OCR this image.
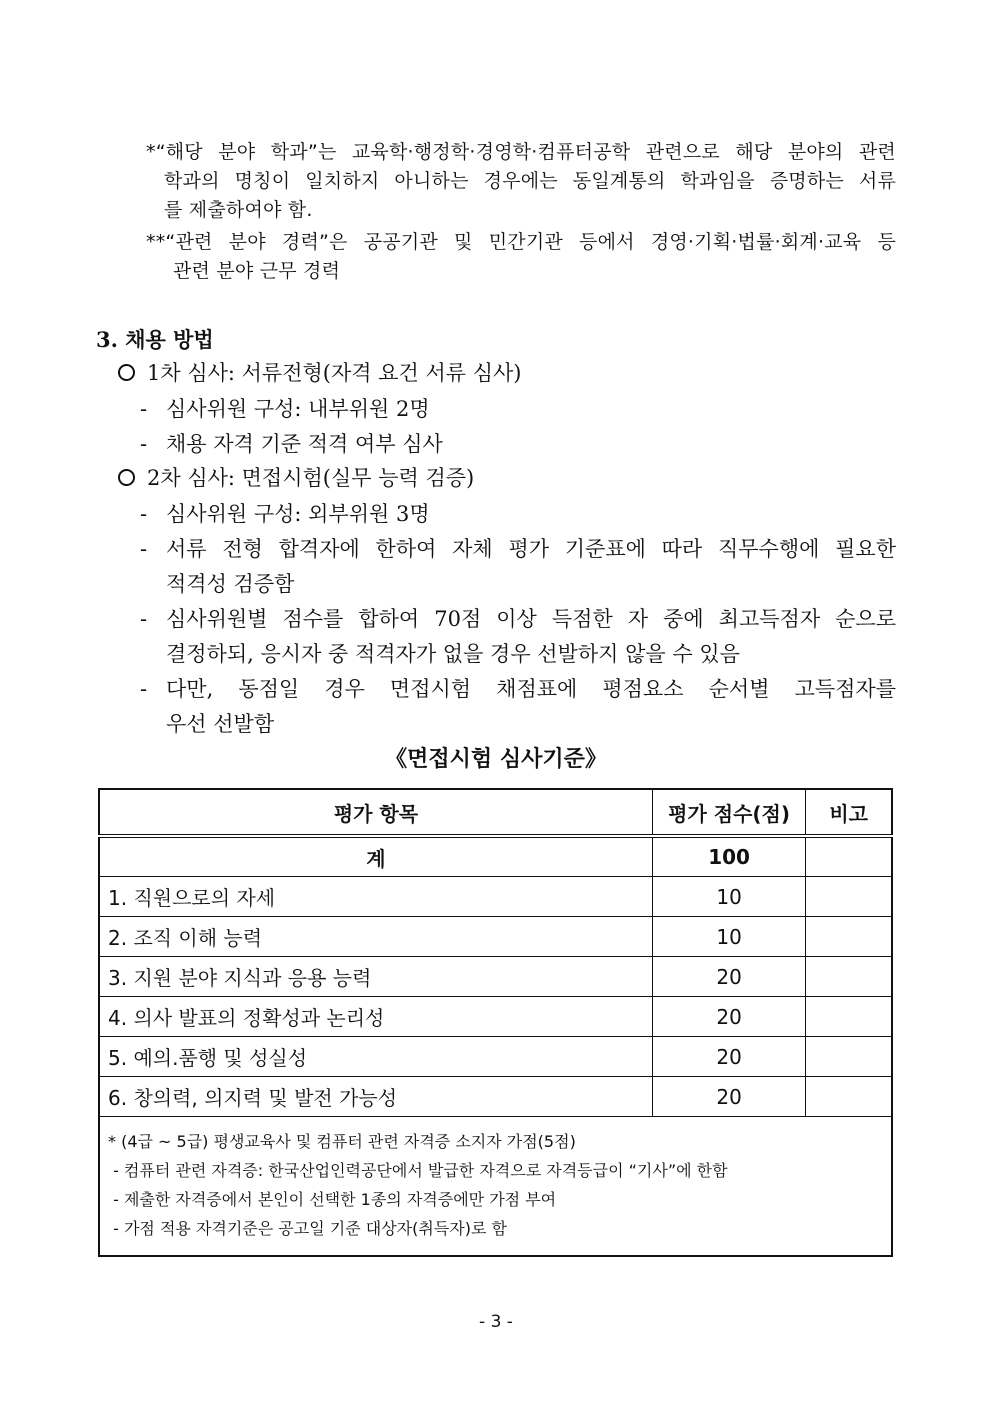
*“해당 분야 학과”는 교육학·행정학·경영학·컴퓨터공학 관련으로 해당 분야의 관련
학과의 명칭이 일치하지 아니하는 경우에는 동일계통의 학과임을 증명하는 서류
를 제출하여야 함.
**“관련 분야 경력”은 공공기관 및 민간기관 등에서 경영·기획·법률·회계·교육 등
관련 분야 근무 경력
3. 채용 방법
1차 심사: 서류전형(자격 요건 서류 심사)
- 심사위원 구성: 내부위원 2명
- 채용 자격 기준 적격 여부 심사
2차 심사: 면접시험(실무 능력 검증)
- 심사위원 구성: 외부위원 3명
- 서류 전형 합격자에 한하여 자체 평가 기준표에 따라 직무수행에 필요한
적격성 검증함
- 심사위원별 점수를 합하여 70점 이상 득점한 자 중에 최고득점자 순으로
결정하되, 응시자 중 적격자가 없을 경우 선발하지 않을 수 있음
- 다만, 동점일 경우 면접시험 채점표에 평점요소 순서별 고득점자를
우선 선발함
《면접시험 심사기준》
평가 항목	평가 점수(점)	비고
계	100	
1. 직원으로의 자세	10	
2. 조직 이해 능력	10	
3. 지원 분야 지식과 응용 능력	20	
4. 의사 발표의 정확성과 논리성	20	
5. 예의.품행 및 성실성	20	
6. 창의력, 의지력 및 발전 가능성	20	

* (4급 ~ 5급) 평생교육사 및 컴퓨터 관련 자격증 소지자 가점(5점)
- 컴퓨터 관련 자격증: 한국산업인력공단에서 발급한 자격으로 자격등급이 “기사”에 한함
- 제출한 자격증에서 본인이 선택한 1종의 자격증에만 가점 부여
- 가점 적용 자격기준은 공고일 기준 대상자(취득자)로 함		
- 3 -
